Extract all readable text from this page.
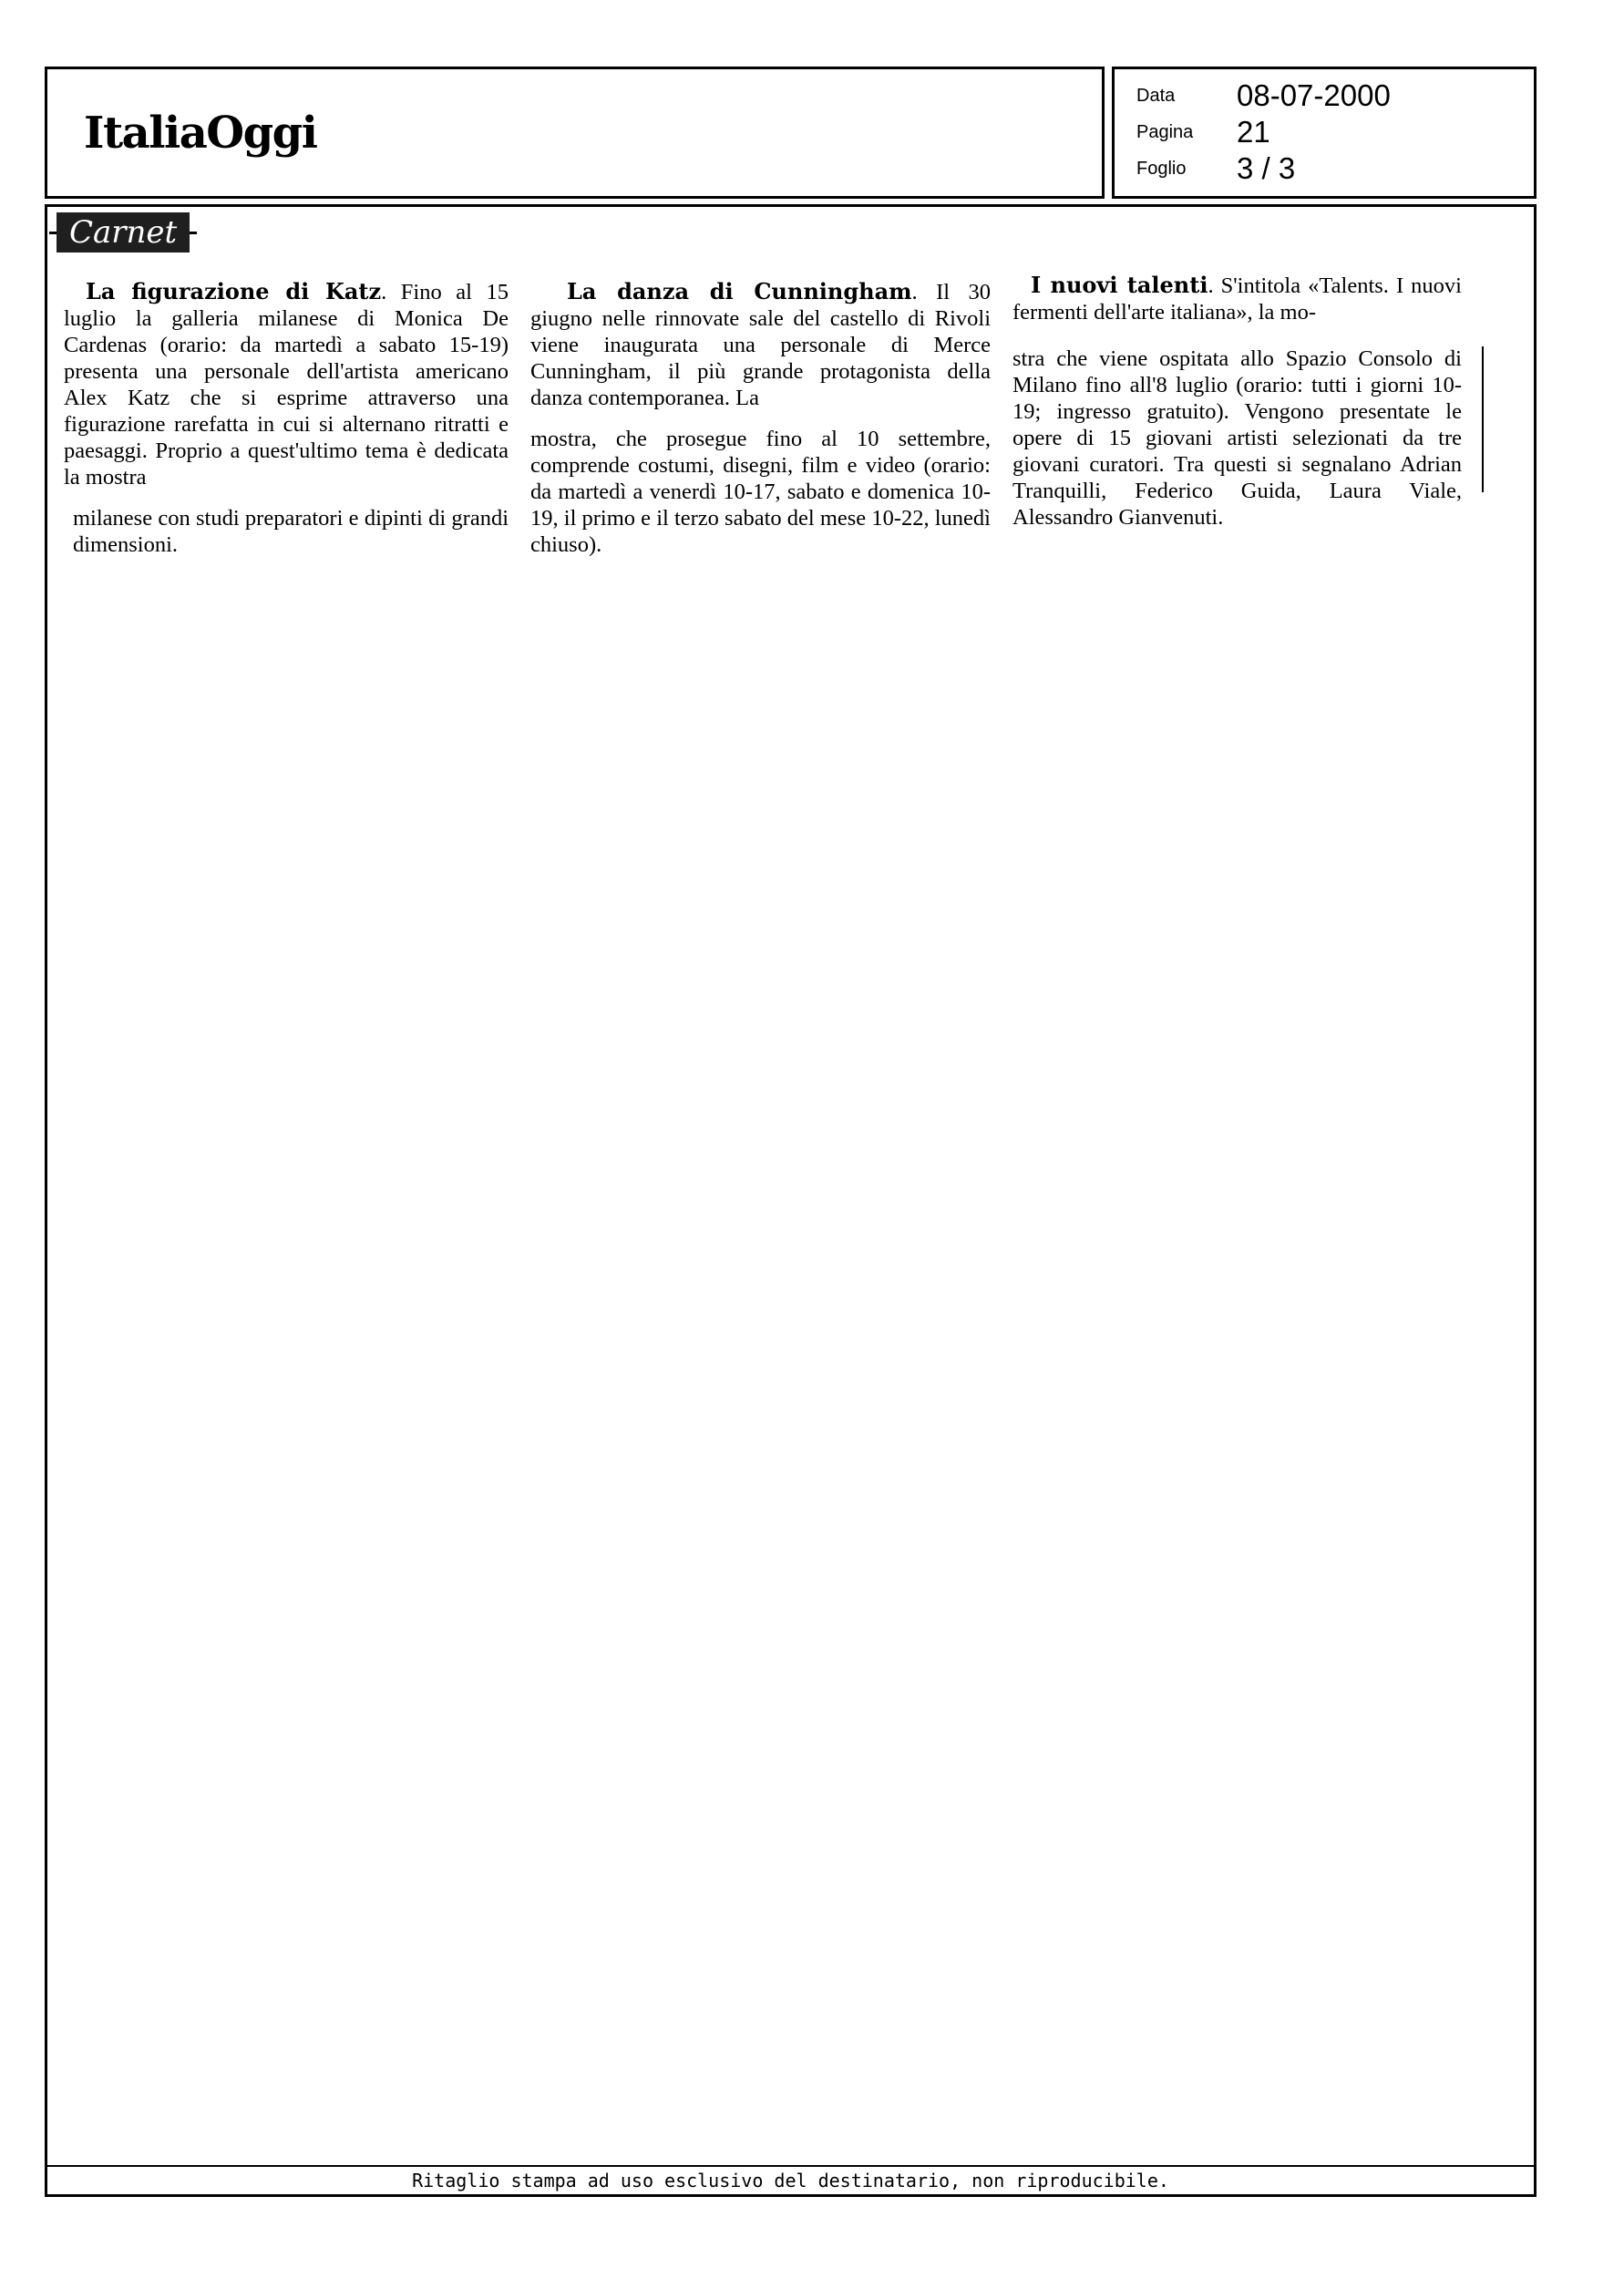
ItaliaOggi
Data	08-07-2000
Pagina	21
Foglio	3 / 3
Carnet

La figurazione di Katz. Fino al 15 luglio la galleria milanese di Monica De Cardenas (orario: da martedì a sabato 15-19) presenta una personale dell'artista americano Alex Katz che si esprime attraverso una figurazione rarefatta in cui si alternano ritratti e paesaggi. Proprio a quest'ultimo tema è dedicata la mostra

milanese con studi preparatori e dipinti di grandi dimensioni.

La danza di Cunningham. Il 30 giugno nelle rinnovate sale del castello di Rivoli viene inaugurata una personale di Merce Cunningham, il più grande protagonista della danza contemporanea. La

mostra, che prosegue fino al 10 settembre, comprende costumi, disegni, film e video (orario: da martedì a venerdì 10-17, sabato e domenica 10-19, il primo e il terzo sabato del mese 10-22, lunedì chiuso).

I nuovi talenti. S'intitola «Talents. I nuovi fermenti dell'arte italiana», la mo-

stra che viene ospitata allo Spazio Consolo di Milano fino all'8 luglio (orario: tutti i giorni 10-19; ingresso gratuito). Vengono presentate le opere di 15 giovani artisti selezionati da tre giovani curatori. Tra questi si segnalano Adrian Tranquilli, Federico Guida, Laura Viale, Alessandro Gianvenuti.

Ritaglio stampa ad uso esclusivo del destinatario, non riproducibile.
